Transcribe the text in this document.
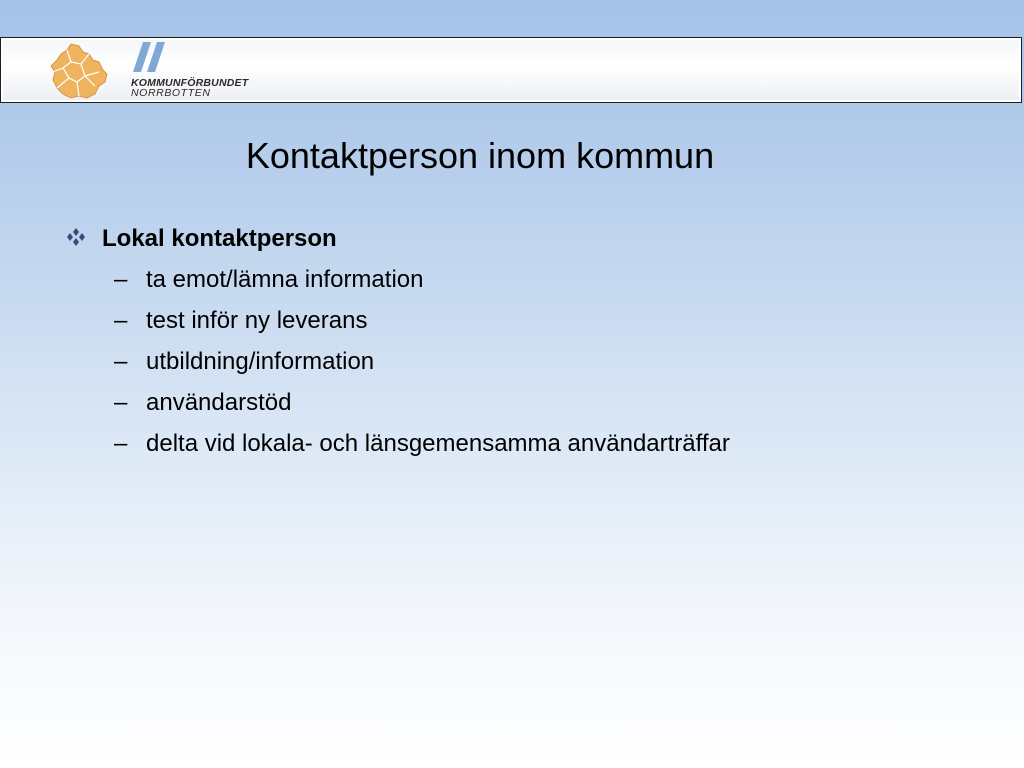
KOMMUNFÖRBUNDET
NORRBOTTEN
Kontaktperson inom kommun
Lokal kontaktperson
– ta emot/lämna information
– test inför ny leverans
– utbildning/information
– användarstöd
– delta vid lokala- och länsgemensamma användarträffar
